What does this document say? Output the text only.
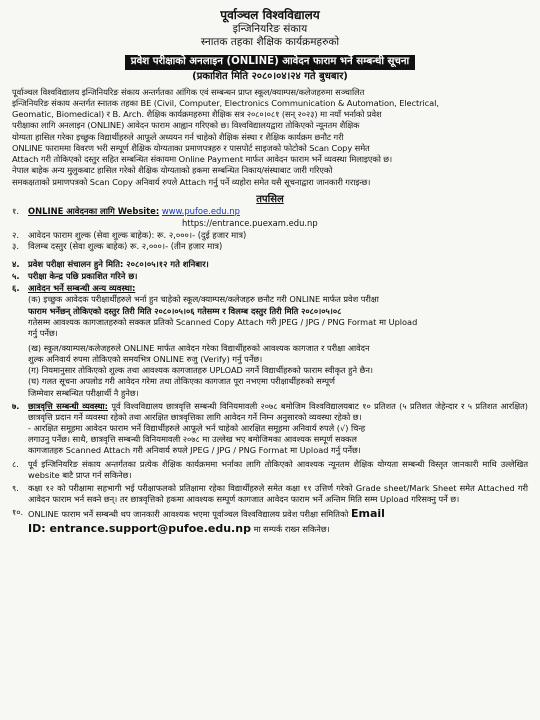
पूर्वाञ्चल विश्वविद्यालय
इन्जिनियरिङ संकाय
स्नातक तहका शैक्षिक कार्यक्रमहरुको
प्रवेश परीक्षाको अनलाइन (ONLINE) आवेदन फाराम भर्ने सम्बन्धी सूचना
(प्रकाशित मिति २०८०।०४।२४ गते बुधबार)

पूर्वाञ्चल विश्वविद्यालय इन्जिनियरिङ संकाय अन्तर्गतका आंगिक एवं सम्बन्धन प्राप्त स्कूल/क्याम्पस/कलेजहरुमा सञ्चालित

इन्जिनियरिङ संकाय अन्तर्गत स्नातक तहका BE (Civil, Computer, Electronics Communication & Automation, Electrical,

Geomatic, Biomedical) र B. Arch. शैक्षिक कार्यक्रमहरुमा शैक्षिक सत्र २०८०।०८१ (सन् २०२३) मा नयाँ भर्नाको प्रवेश

परीक्षाका लागि अनलाइन (ONLINE) आवेदन फाराम आह्वान गरिएको छ। विश्वविद्यालयद्वारा तोकिएको न्यूनतम शैक्षिक

योग्यता हासिल गरेका इच्छुक विद्यार्थीहरुले आफूले अध्ययन गर्न चाहेको शैक्षिक संस्था र शैक्षिक कार्यक्रम छनौट गरी

ONLINE फाराममा विवरण भरी सम्पूर्ण शैक्षिक योग्यताका प्रमाणपत्रहरु र पासपोर्ट साइजको फोटोको Scan Copy समेत

Attach गरी तोकिएको दस्तुर सहित सम्बन्धित संकायमा Online Payment मार्फत आवेदन फाराम भर्ने व्यवस्था मिलाइएको छ।

नेपाल बाहेक अन्य मुलुकबाट हासिल गरेको शैक्षिक योग्यताको हकमा सम्बन्धित निकाय/संस्थाबाट जारी गरिएको

समकक्षताको प्रमाणपत्रको Scan Copy अनिवार्य रुपले Attach गर्नु पर्ने व्यहोरा समेत यसै सूचनाद्वारा जानकारी गराइन्छ।

तपसिल
१.	ONLINE आवेदनका लागि Website: www.pufoe.edu.np
https://entrance.puexam.edu.np
२.	आवेदन फाराम शुल्क (सेवा शुल्क बाहेक): रू. २,०००।- (दुई हजार मात्र)
३.	विलम्ब दस्तुर (सेवा शुल्क बाहेक) रू. २,०००।- (तीन हजार मात्र)
४.	प्रवेश परीक्षा संचालन हुने मिति: २०८०।०५।१२ गते शनिबार।
५.	परीक्षा केन्द्र पछि प्रकाशित गरिने छ।
६.	आवेदन भर्ने सम्बन्धी अन्य व्यवस्था:
(क) इच्छुक आवेदक परीक्षार्थीहरुले भर्ना हुन चाहेको स्कूल/क्याम्पस/कलेजहरु छनौट गरी ONLINE मार्फत प्रवेश परीक्षा
फाराम भर्नेछन् तोकिएको दस्तुर तिरी मिति २०८०।०५।०६ गतेसम्म र विलम्ब दस्तुर तिरी मिति २०८०।०५।०८
गतेसम्म आवश्यक कागजातहरुको सक्कल प्रतिको Scanned Copy Attach गरी JPEG / JPG / PNG Format मा Upload
गर्नु पर्नेछ।
(ख) स्कूल/क्याम्पस/कलेजहरुले ONLINE मार्फत आवेदन गरेका विद्यार्थीहरुको आवश्यक कागजात र परीक्षा आवेदन
शुल्क अनिवार्य रुपमा तोकिएको समयभित्र ONLINE रुजु (Verify) गर्नु पर्नेछ।
(ग) नियमानुसार तोकिएको शुल्क तथा आवश्यक कागजातहरु UPLOAD नगर्ने विद्यार्थीहरुको फाराम स्वीकृत हुने छैन।
(घ) गलत सूचना अपलोड गरी आवेदन गरेमा तथा तोकिएका कागजात पूरा नभएमा परीक्षार्थीहरुको सम्पूर्ण
जिम्मेवार सम्बन्धित परीक्षार्थी नै हुनेछ।
७.	छात्रवृत्ति सम्बन्धी व्यवस्था: पूर्व विश्वविद्यालय छात्रवृत्ति सम्बन्धी विनियमावली २०७८ बमोजिम विश्वविद्यालयबाट १० प्रतिशत (५ प्रतिशत जेहेन्दार र ५ प्रतिशत आरक्षित) छात्रवृत्ति प्रदान गर्ने व्यवस्था रहेको तथा आरक्षित छात्रवृत्तिका लागि आवेदन गर्ने निम्न अनुसारको व्यवस्था रहेको छ।
- आरक्षित समूहमा आवेदन फाराम भर्ने विद्यार्थीहरुले आफूले भर्न चाहेको आरक्षित समूहमा अनिवार्य रुपले (√) चिन्ह
लगाउनु पर्नेछ। साथै, छात्रवृत्ति सम्बन्धी विनियमावली २०७८ मा उल्लेख भए बमोजिमका आवश्यक सम्पूर्ण सक्कल
कागजातहरु Scanned Attach गरी अनिवार्य रुपले JPEG / JPG / PNG Format मा Upload गर्नु पर्नेछ।
८.	पूर्व इन्जिनियरिङ संकाय अन्तर्गतका प्रत्येक शैक्षिक कार्यक्रममा भर्नाका लागि तोकिएको आवश्यक न्यूनतम शैक्षिक योग्यता सम्बन्धी विस्तृत जानकारी माथि उल्लेखित website बाटै प्राप्त गर्न सकिनेछ।
९.	कक्षा १२ को परीक्षामा सहभागी भई परीक्षाफलको प्रतिक्षामा रहेका विद्यार्थीहरुले समेत कक्षा ११ उत्तिर्ण गरेको Grade sheet/Mark Sheet समेत Attached गरी आवेदन फाराम भर्न सक्ने छन्। तर छात्रवृत्तिको हकमा आवश्यक सम्पूर्ण कागजात आवेदन फाराम भर्ने अन्तिम मिति सम्म Upload गरिसक्नु पर्ने छ।
१०. ONLINE फाराम भर्ने सम्बन्धी थप जानकारी आवश्यक भएमा पूर्वाञ्चल विश्वविद्यालय प्रवेश परीक्षा समितिको Email
ID: entrance.support@pufoe.edu.np मा सम्पर्क राख्न सकिनेछ।
